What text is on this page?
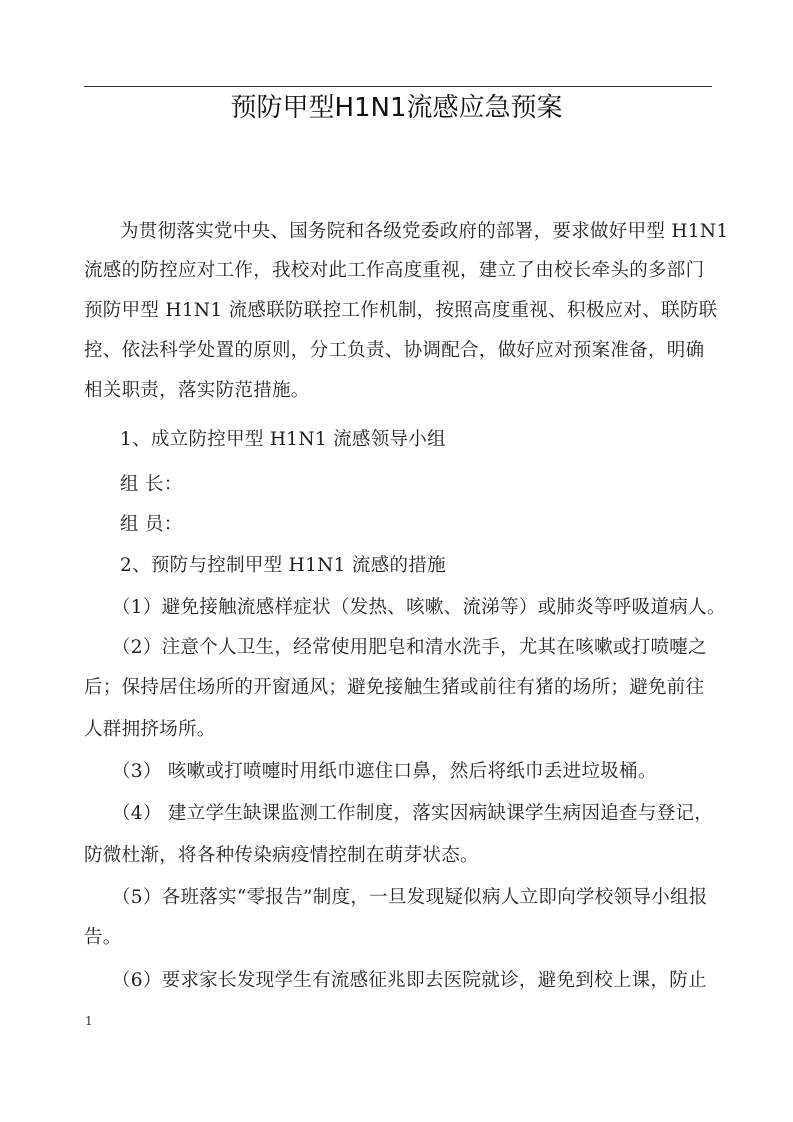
预防甲型H1N1流感应急预案
为贯彻落实党中央、国务院和各级党委政府的部署，要求做好甲型 H1N1
流感的防控应对工作，我校对此工作高度重视，建立了由校长牵头的多部门
预防甲型 H1N1 流感联防联控工作机制，按照高度重视、积极应对、联防联
控、依法科学处置的原则，分工负责、协调配合，做好应对预案准备，明确
相关职责，落实防范措施。
1、成立防控甲型 H1N1 流感领导小组
组 长：
组 员：
2、预防与控制甲型 H1N1 流感的措施
（1）避免接触流感样症状（发热、咳嗽、流涕等）或肺炎等呼吸道病人。
（2）注意个人卫生，经常使用肥皂和清水洗手，尤其在咳嗽或打喷嚏之
后；保持居住场所的开窗通风；避免接触生猪或前往有猪的场所；避免前往
人群拥挤场所。
（3） 咳嗽或打喷嚏时用纸巾遮住口鼻，然后将纸巾丢进垃圾桶。
（4） 建立学生缺课监测工作制度，落实因病缺课学生病因追查与登记，
防微杜渐，将各种传染病疫情控制在萌芽状态。
（5）各班落实“零报告”制度，一旦发现疑似病人立即向学校领导小组报
告。
（6）要求家长发现学生有流感征兆即去医院就诊，避免到校上课，防止
1
